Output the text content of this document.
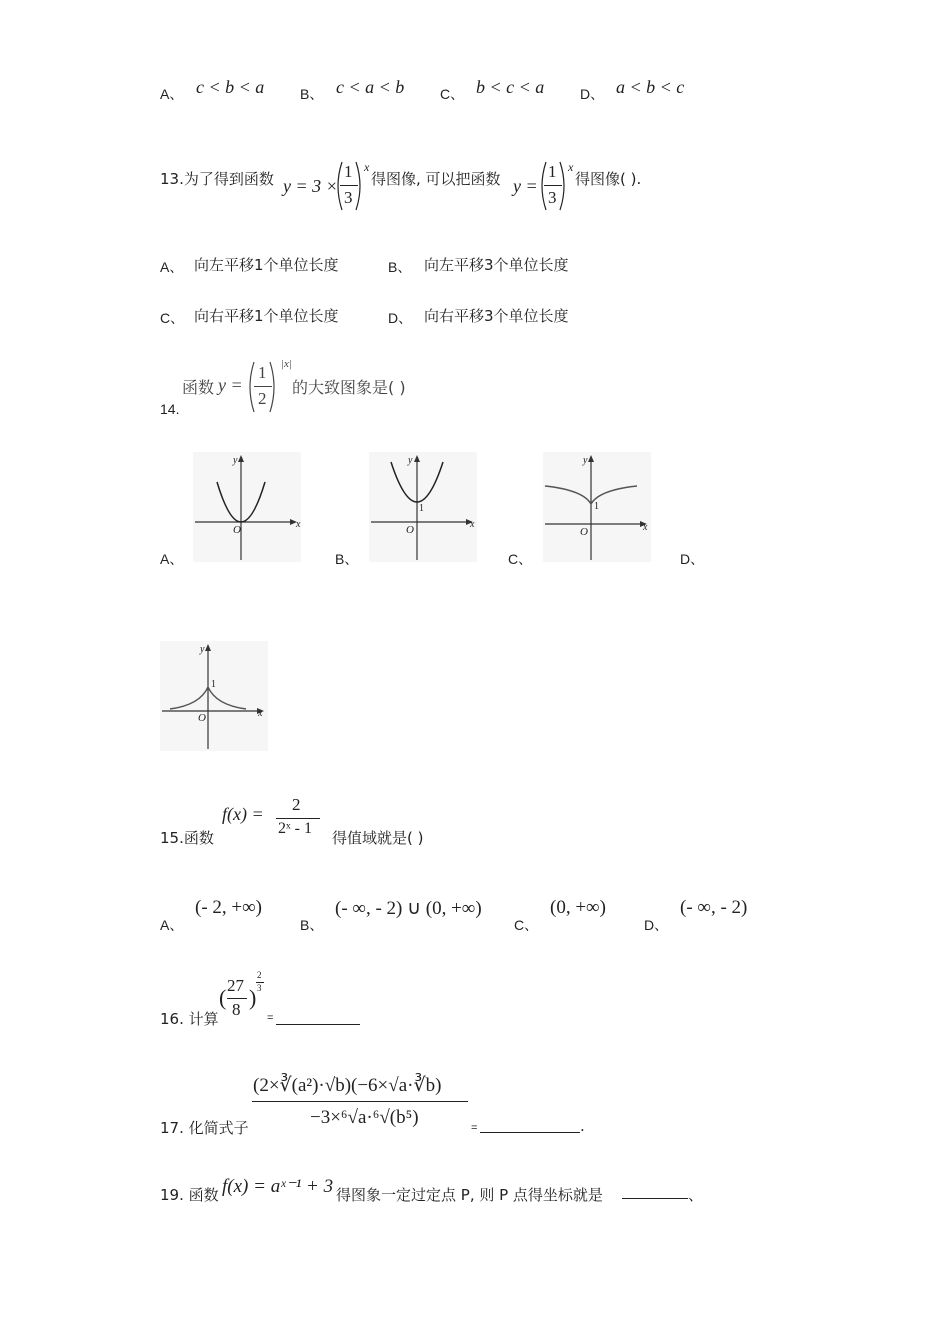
A、 c < b < a	B、 c < a < b	C、 b < c < a	D、 a < b < c
13.为了得到函数 y = 3 ×
1
3
x
得图像, 可以把函数 y =
1
3
x
得图像( ).
A、 向左平移1个单位长度	B、 向左平移3个单位长度
C、 向右平移1个单位长度	D、 向右平移3个单位长度
函数 y =
1
2
|x|
的大致图象是( )
14.
A、
y
x
O
B、
y
x
O
1
C、
y
x
O
1
D、
y
x
O
1
15.函数
f(x) = 2
2ˣ - 1
得值域就是( )
A、
(- 2, +∞)
B、
(- ∞, - 2) ∪ (0, +∞)
C、
(0, +∞)
D、
(- ∞, - 2)
16. 计算
( 27
8 )
2
3
=
17. 化简式子
(2×∛(a²)·√b)(−6×√a·∛b)
−3×⁶√a·⁶√(b⁵)	=	.
19. 函数 f(x) = aˣ⁻¹ + 3 得图象一定过定点 P, 则 P 点得坐标就是	、
